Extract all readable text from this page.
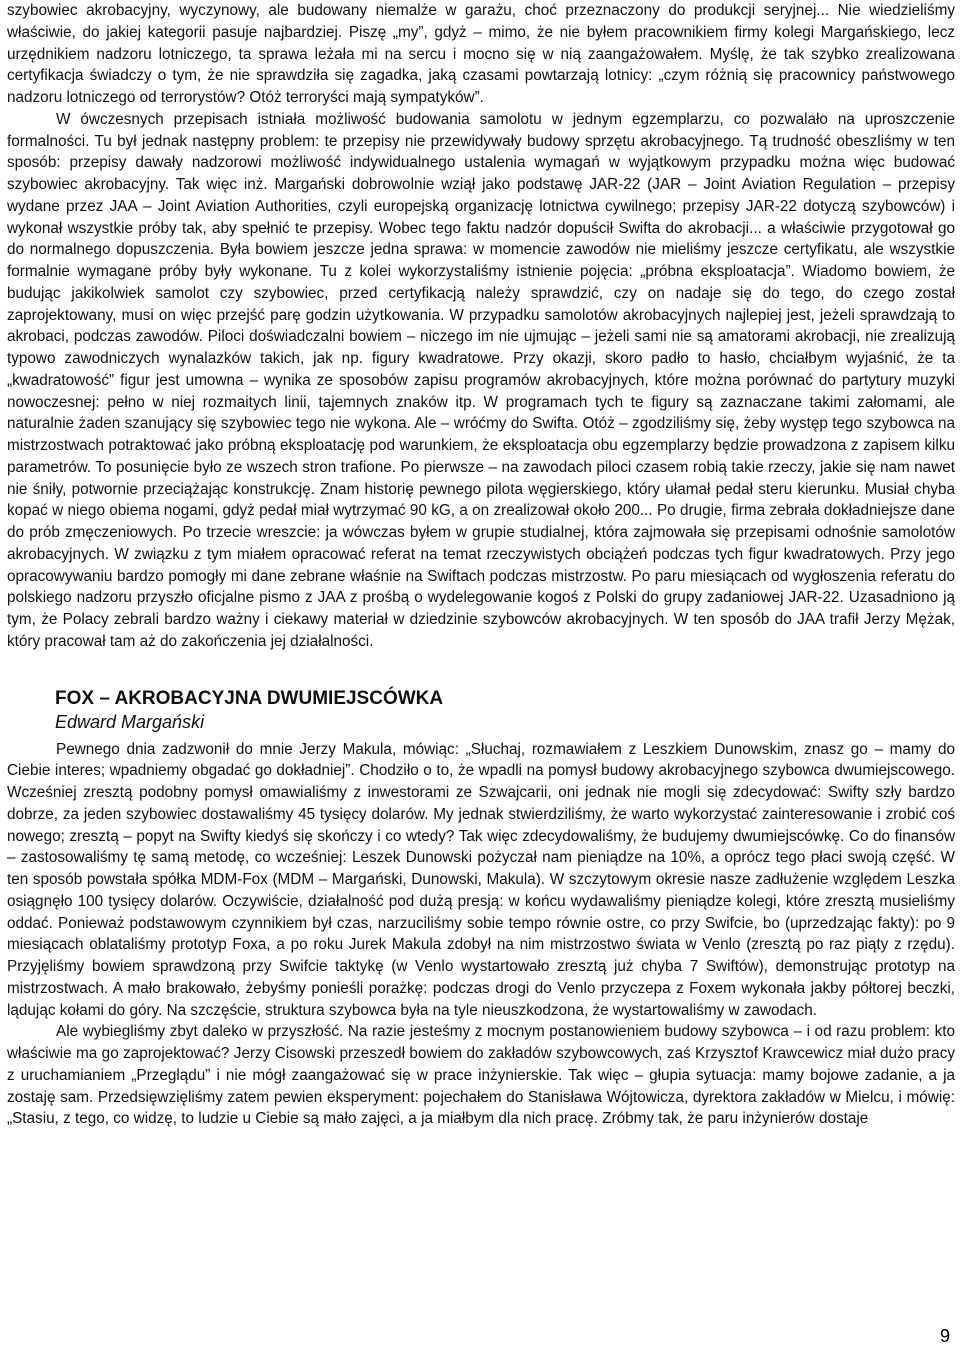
szybowiec akrobacyjny, wyczynowy, ale budowany niemalże w garażu, choć przeznaczony do produkcji seryjnej... Nie wiedzieliśmy właściwie, do jakiej kategorii pasuje najbardziej. Piszę „my”, gdyż – mimo, że nie byłem pracownikiem firmy kolegi Margańskiego, lecz urzędnikiem nadzoru lotniczego, ta sprawa leżała mi na sercu i mocno się w nią zaangażowałem. Myślę, że tak szybko zrealizowana certyfikacja świadczy o tym, że nie sprawdziła się zagadka, jaką czasami powtarzają lotnicy: „czym różnią się pracownicy państwowego nadzoru lotniczego od terrorystów? Otóż terroryści mają sympatyków”.

W ówczesnych przepisach istniała możliwość budowania samolotu w jednym egzemplarzu, co pozwalało na uproszczenie formalności. Tu był jednak następny problem: te przepisy nie przewidywały budowy sprzętu akrobacyjnego. Tą trudność obeszliśmy w ten sposób: przepisy dawały nadzorowi możliwość indywidualnego ustalenia wymagań w wyjątkowym przypadku można więc budować szybowiec akrobacyjny. Tak więc inż. Margański dobrowolnie wziął jako podstawę JAR-22 (JAR – Joint Aviation Regulation – przepisy wydane przez JAA – Joint Aviation Authorities, czyli europejską organizację lotnictwa cywilnego; przepisy JAR-22 dotyczą szybowców) i wykonał wszystkie próby tak, aby spełnić te przepisy. Wobec tego faktu nadzór dopuścił Swifta do akrobacji... a właściwie przygotował go do normalnego dopuszczenia. Była bowiem jeszcze jedna sprawa: w momencie zawodów nie mieliśmy jeszcze certyfikatu, ale wszystkie formalnie wymagane próby były wykonane. Tu z kolei wykorzystaliśmy istnienie pojęcia: „próbna eksploatacja”. Wiadomo bowiem, że budując jakikolwiek samolot czy szybowiec, przed certyfikacją należy sprawdzić, czy on nadaje się do tego, do czego został zaprojektowany, musi on więc przejść parę godzin użytkowania. W przypadku samolotów akrobacyjnych najlepiej jest, jeżeli sprawdzają to akrobaci, podczas zawodów. Piloci doświadczalni bowiem – niczego im nie ujmując – jeżeli sami nie są amatorami akrobacji, nie zrealizują typowo zawodniczych wynalazków takich, jak np. figury kwadratowe. Przy okazji, skoro padło to hasło, chciałbym wyjaśnić, że ta „kwadratowość” figur jest umowna – wynika ze sposobów zapisu programów akrobacyjnych, które można porównać do partytury muzyki nowoczesnej: pełno w niej rozmaitych linii, tajemnych znaków itp. W programach tych te figury są zaznaczane takimi załomami, ale naturalnie żaden szanujący się szybowiec tego nie wykona. Ale – wróćmy do Swifta. Otóż – zgodziliśmy się, żeby występ tego szybowca na mistrzostwach potraktować jako próbną eksploatację pod warunkiem, że eksploatacja obu egzemplarzy będzie prowadzona z zapisem kilku parametrów. To posunięcie było ze wszech stron trafione. Po pierwsze – na zawodach piloci czasem robią takie rzeczy, jakie się nam nawet nie śniły, potwornie przeciążając konstrukcję. Znam historię pewnego pilota węgierskiego, który ułamał pedał steru kierunku. Musiał chyba kopać w niego obiema nogami, gdyż pedał miał wytrzymać 90 kG, a on zrealizował około 200... Po drugie, firma zebrała dokładniejsze dane do prób zmęczeniowych. Po trzecie wreszcie: ja wówczas byłem w grupie studialnej, która zajmowała się przepisami odnośnie samolotów akrobacyjnych. W związku z tym miałem opracować referat na temat rzeczywistych obciążeń podczas tych figur kwadratowych. Przy jego opracowywaniu bardzo pomogły mi dane zebrane właśnie na Swiftach podczas mistrzostw. Po paru miesiącach od wygłoszenia referatu do polskiego nadzoru przyszło oficjalne pismo z JAA z prośbą o wydelegowanie kogoś z Polski do grupy zadaniowej JAR-22. Uzasadniono ją tym, że Polacy zebrali bardzo ważny i ciekawy materiał w dziedzinie szybowców akrobacyjnych. W ten sposób do JAA trafił Jerzy Mężak, który pracował tam aż do zakończenia jej działalności.

FOX – AKROBACYJNA DWUMIEJSCÓWKA
Edward Margański

Pewnego dnia zadzwonił do mnie Jerzy Makula, mówiąc: „Słuchaj, rozmawiałem z Leszkiem Dunowskim, znasz go – mamy do Ciebie interes; wpadniemy obgadać go dokładniej”. Chodziło o to, że wpadli na pomysł budowy akrobacyjnego szybowca dwumiejscowego. Wcześniej zresztą podobny pomysł omawialiśmy z inwestorami ze Szwajcarii, oni jednak nie mogli się zdecydować: Swifty szły bardzo dobrze, za jeden szybowiec dostawaliśmy 45 tysięcy dolarów. My jednak stwierdziliśmy, że warto wykorzystać zainteresowanie i zrobić coś nowego; zresztą – popyt na Swifty kiedyś się skończy i co wtedy? Tak więc zdecydowaliśmy, że budujemy dwumiejscówkę. Co do finansów – zastosowaliśmy tę samą metodę, co wcześniej: Leszek Dunowski pożyczał nam pieniądze na 10%, a oprócz tego płaci swoją część. W ten sposób powstała spółka MDM-Fox (MDM – Margański, Dunowski, Makula). W szczytowym okresie nasze zadłużenie względem Leszka osiągnęło 100 tysięcy dolarów. Oczywiście, działalność pod dużą presją: w końcu wydawaliśmy pieniądze kolegi, które zresztą musieliśmy oddać. Ponieważ podstawowym czynnikiem był czas, narzuciliśmy sobie tempo równie ostre, co przy Swifcie, bo (uprzedzając fakty): po 9 miesiącach oblataliśmy prototyp Foxa, a po roku Jurek Makula zdobył na nim mistrzostwo świata w Venlo (zresztą po raz piąty z rzędu). Przyjęliśmy bowiem sprawdzoną przy Swifcie taktykę (w Venlo wystartowało zresztą już chyba 7 Swiftów), demonstrując prototyp na mistrzostwach. A mało brakowało, żebyśmy ponieśli porażkę: podczas drogi do Venlo przyczepa z Foxem wykonała jakby półtorej beczki, lądując kołami do góry. Na szczęście, struktura szybowca była na tyle nieuszkodzona, że wystartowaliśmy w zawodach.

Ale wybiegliśmy zbyt daleko w przyszłość. Na razie jesteśmy z mocnym postanowieniem budowy szybowca – i od razu problem: kto właściwie ma go zaprojektować? Jerzy Cisowski przeszedł bowiem do zakładów szybowcowych, zaś Krzysztof Krawcewicz miał dużo pracy z uruchamianiem „Przeglądu” i nie mógł zaangażować się w prace inżynierskie. Tak więc – głupia sytuacja: mamy bojowe zadanie, a ja zostaję sam. Przedsięwzięliśmy zatem pewien eksperyment: pojechałem do Stanisława Wójtowicza, dyrektora zakładów w Mielcu, i mówię: „Stasiu, z tego, co widzę, to ludzie u Ciebie są mało zajęci, a ja miałbym dla nich pracę. Zróbmy tak, że paru inżynierów dostaje

9
